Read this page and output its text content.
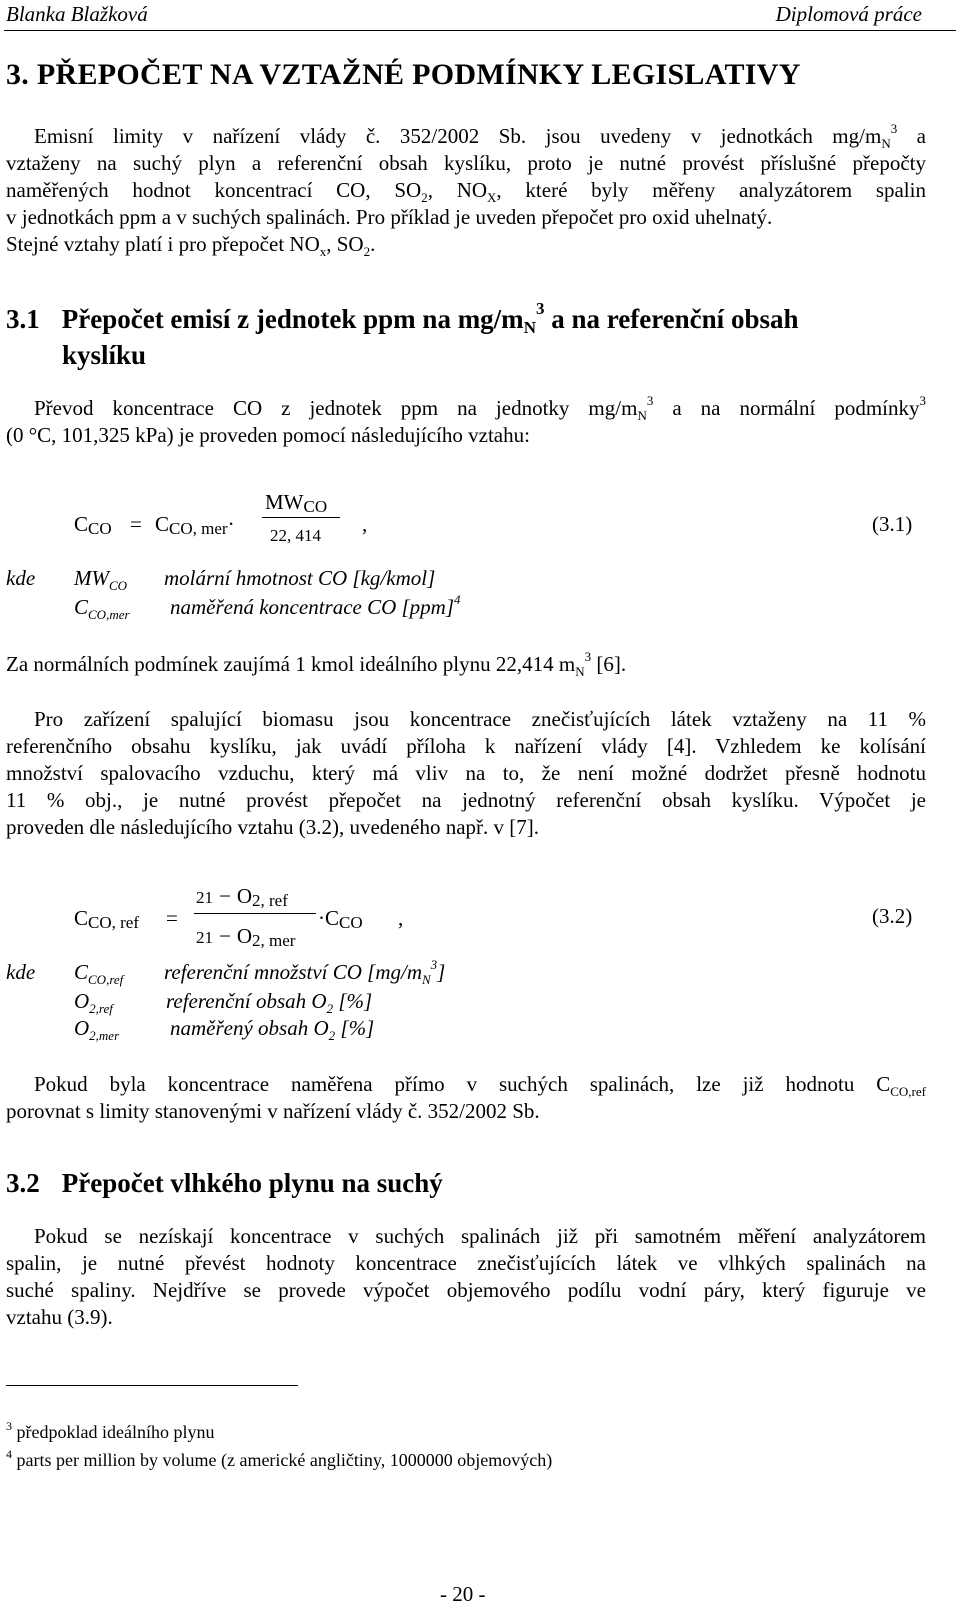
Blanka Blažková	Diplomová práce
3. PŘEPOČET NA VZTAŽNÉ PODMÍNKY LEGISLATIVY
Emisní limity v nařízení vlády č. 352/2002 Sb. jsou uvedeny v jednotkách $mg/m_N^3$ a
vztaženy na suchý plyn a referenční obsah kyslíku, proto je nutné provést příslušné přepočty
naměřených hodnot koncentrací CO, $SO_2$, $NO_X$, které byly měřeny analyzátorem spalin
v jednotkách ppm a v suchých spalinách. Pro příklad je uveden přepočet pro oxid uhelnatý.
Stejné vztahy platí i pro přepočet $NO_x$, $SO_2$.
3.1 Přepočet emisí z jednotek ppm na $mg/mN^3$ a na referenční obsah
kyslíku
Převod koncentrace CO z jednotek ppm na jednotky $mg/m_N^3$ a na normální podmínky$^3$
(0 °C, 101,325 kPa) je proveden pomocí následujícího vztahu:
CCO = CCO, mer·
MWCO
22, 414 ,	(3.1)
kde $MW_{CO}$ molární hmotnost CO [kg/kmol]
$C_{CO,mer}$ naměřená koncentrace CO [ppm]$^4$
Za normálních podmínek zaujímá 1 kmol ideálního plynu 22,414 $m_N^3$ [6].
Pro zařízení spalující biomasu jsou koncentrace znečisťujících látek vztaženy na 11 %
referenčního obsahu kyslíku, jak uvádí příloha k nařízení vlády [4]. Vzhledem ke kolísání
množství spalovacího vzduchu, který má vliv na to, že není možné dodržet přesně hodnotu
11 % obj., je nutné provést přepočet na jednotný referenční obsah kyslíku. Výpočet je
proveden dle následujícího vztahu (3.2), uvedeného např. v [7].
CCO, ref =
21 − O2, ref
21 − O2, mer
·CCO ,	(3.2)
kde $C_{CO,ref}$ referenční množství CO $[mg/m_N^3]$
$O_{2,ref}$	referenční obsah $O_2$ [%]
$O_{2,mer}$ naměřený obsah $O_2$ [%]
Pokud byla koncentrace naměřena přímo v suchých spalinách, lze již hodnotu $C_{CO,ref}$
porovnat s limity stanovenými v nařízení vlády č. 352/2002 Sb.
3.2 Přepočet vlhkého plynu na suchý
Pokud se nezískají koncentrace v suchých spalinách již při samotném měření analyzátorem
spalin, je nutné převést hodnoty koncentrace znečisťujících látek ve vlhkých spalinách na
suché spaliny. Nejdříve se provede výpočet objemového podílu vodní páry, který figuruje ve
vztahu (3.9).
$^3$ předpoklad ideálního plynu
$^4$ parts per million by volume (z americké angličtiny, 1000000 objemových)
- 20 -
